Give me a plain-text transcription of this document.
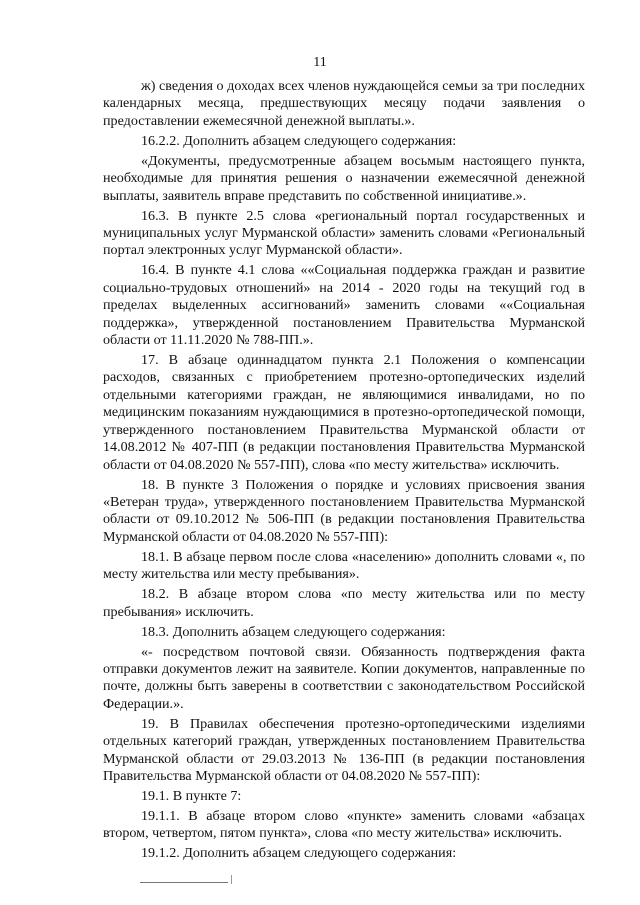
11

ж) сведения о доходах всех членов нуждающейся семьи за три последних календарных месяца, предшествующих месяцу подачи заявления о предоставлении ежемесячной денежной выплаты.».

16.2.2. Дополнить абзацем следующего содержания:

«Документы, предусмотренные абзацем восьмым настоящего пункта, необходимые для принятия решения о назначении ежемесячной денежной выплаты, заявитель вправе представить по собственной инициативе.».

16.3. В пункте 2.5 слова «региональный портал государственных и муниципальных услуг Мурманской области» заменить словами «Региональный портал электронных услуг Мурманской области».

16.4. В пункте 4.1 слова ««Социальная поддержка граждан и развитие социально-трудовых отношений» на 2014 - 2020 годы на текущий год в пределах выделенных ассигнований» заменить словами ««Социальная поддержка», утвержденной постановлением Правительства Мурманской области от 11.11.2020 № 788-ПП.».

17. В абзаце одиннадцатом пункта 2.1 Положения о компенсации расходов, связанных с приобретением протезно-ортопедических изделий отдельными категориями граждан, не являющимися инвалидами, но по медицинским показаниям нуждающимися в протезно-ортопедической помощи, утвержденного постановлением Правительства Мурманской области от 14.08.2012 № 407-ПП (в редакции постановления Правительства Мурманской области от 04.08.2020 № 557-ПП), слова «по месту жительства» исключить.

18. В пункте 3 Положения о порядке и условиях присвоения звания «Ветеран труда», утвержденного постановлением Правительства Мурманской области от 09.10.2012 № 506-ПП (в редакции постановления Правительства Мурманской области от 04.08.2020 № 557-ПП):

18.1. В абзаце первом после слова «населению» дополнить словами «, по месту жительства или месту пребывания».

18.2. В абзаце втором слова «по месту жительства или по месту пребывания» исключить.

18.3. Дополнить абзацем следующего содержания:

«- посредством почтовой связи. Обязанность подтверждения факта отправки документов лежит на заявителе. Копии документов, направленные по почте, должны быть заверены в соответствии с законодательством Российской Федерации.».

19. В Правилах обеспечения протезно-ортопедическими изделиями отдельных категорий граждан, утвержденных постановлением Правительства Мурманской области от 29.03.2013 № 136-ПП (в редакции постановления Правительства Мурманской области от 04.08.2020 № 557-ПП):

19.1. В пункте 7:

19.1.1. В абзаце втором слово «пункте» заменить словами «абзацах втором, четвертом, пятом пункта», слова «по месту жительства» исключить.

19.1.2. Дополнить абзацем следующего содержания:
